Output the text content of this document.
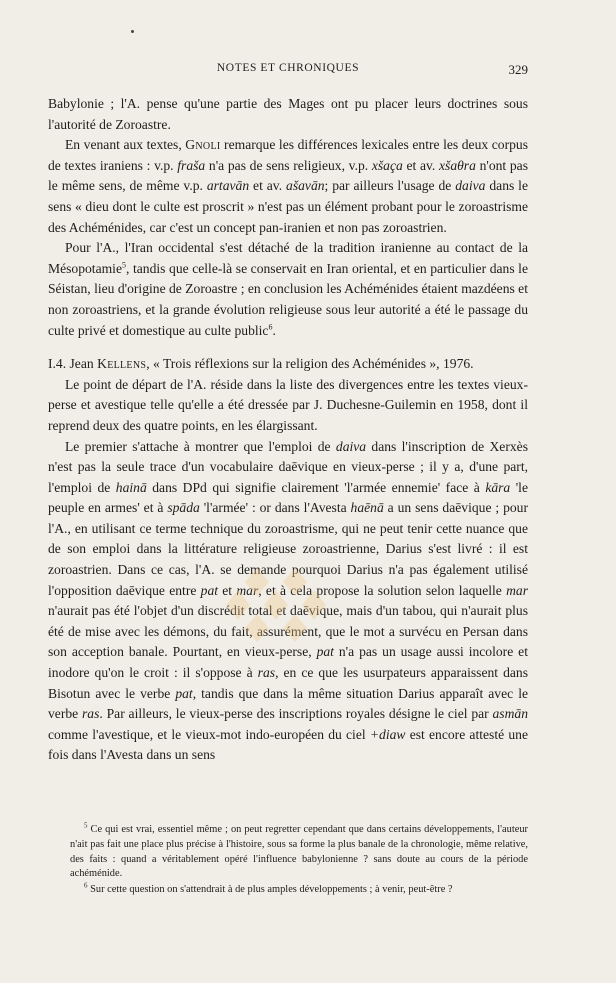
NOTES ET CHRONIQUES	329

Babylonie ; l'A. pense qu'une partie des Mages ont pu placer leurs doctrines sous l'autorité de Zoroastre.

En venant aux textes, Gnoli remarque les différences lexicales entre les deux corpus de textes iraniens : v.p. fraša n'a pas de sens religieux, v.p. xšaça et av. xšaθra n'ont pas le même sens, de même v.p. artavān et av. ašavān; par ailleurs l'usage de daiva dans le sens « dieu dont le culte est proscrit » n'est pas un élément probant pour le zoroastrisme des Achéménides, car c'est un concept pan-iranien et non pas zoroastrien.

Pour l'A., l'Iran occidental s'est détaché de la tradition iranienne au contact de la Mésopotamie$^5$, tandis que celle-là se conservait en Iran oriental, et en particulier dans le Séistan, lieu d'origine de Zoroastre ; en conclusion les Achéménides étaient mazdéens et non zoroastriens, et la grande évolution religieuse sous leur autorité a été le passage du culte privé et domestique au culte public$^6$.

I.4. Jean Kellens, « Trois réflexions sur la religion des Achéménides », 1976.

Le point de départ de l'A. réside dans la liste des divergences entre les textes vieux-perse et avestique telle qu'elle a été dressée par J. Duchesne-Guilemin en 1958, dont il reprend deux des quatre points, en les élargissant.

Le premier s'attache à montrer que l'emploi de daiva dans l'inscription de Xerxès n'est pas la seule trace d'un vocabulaire daēvique en vieux-perse ; il y a, d'une part, l'emploi de hainā dans DPd qui signifie clairement 'l'armée ennemie' face à kāra 'le peuple en armes' et à spāda 'l'armée' : or dans l'Avesta haēnā a un sens daēvique ; pour l'A., en utilisant ce terme technique du zoroastrisme, qui ne peut tenir cette nuance que de son emploi dans la littérature religieuse zoroastrienne, Darius s'est livré : il est zoroastrien. Dans ce cas, l'A. se demande pourquoi Darius n'a pas également utilisé l'opposition daēvique entre pat et mar, et à cela propose la solution selon laquelle mar n'aurait pas été l'objet d'un discrédit total et daēvique, mais d'un tabou, qui n'aurait plus été de mise avec les démons, du fait, assurément, que le mot a survécu en Persan dans son acception banale. Pourtant, en vieux-perse, pat n'a pas un usage aussi incolore et inodore qu'on le croit : il s'oppose à ras, en ce que les usurpateurs apparaissent dans Bisotun avec le verbe pat, tandis que dans la même situation Darius apparaît avec le verbe ras. Par ailleurs, le vieux-perse des inscriptions royales désigne le ciel par asmān comme l'avestique, et le vieux-mot indo-européen du ciel +diaw est encore attesté une fois dans l'Avesta dans un sens

$^5$ Ce qui est vrai, essentiel même ; on peut regretter cependant que dans certains développements, l'auteur n'ait pas fait une place plus précise à l'histoire, sous sa forme la plus banale de la chronologie, même relative, des faits : quand a véritablement opéré l'influence babylonienne ? sans doute au cours de la période achéménide.

$^6$ Sur cette question on s'attendrait à de plus amples développements ; à venir, peut-être ?
